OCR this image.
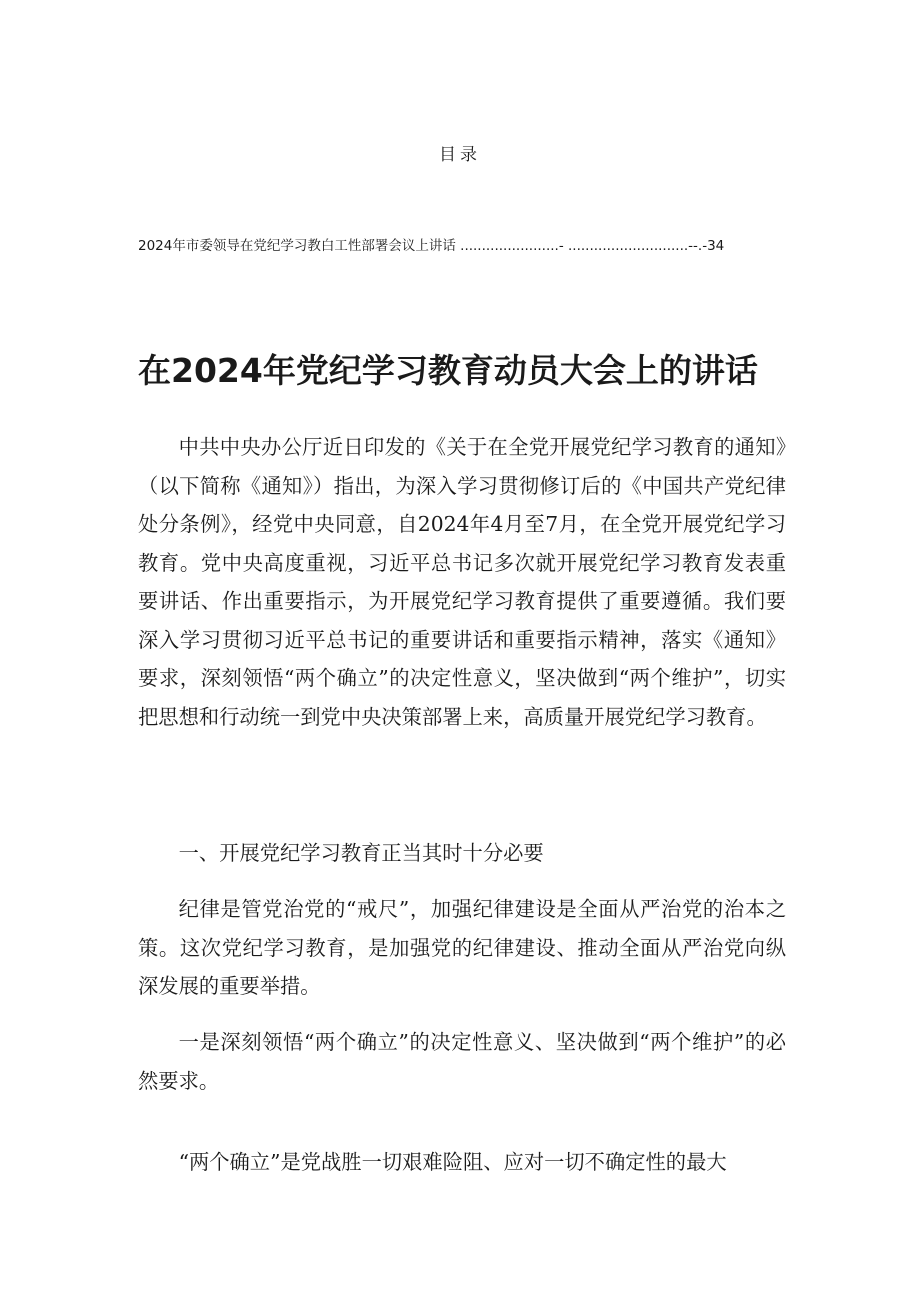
目录
2024年市委领导在党纪学习教白工性部署会议上讲话 .......................- ............................--.-34
在2024年党纪学习教育动员大会上的讲话

中共中央办公厅近日印发的《关于在全党开展党纪学习教育的通知》（以下简称《通知》）指出，为深入学习贯彻修订后的《中国共产党纪律处分条例》，经党中央同意，自2024年4月至7月，在全党开展党纪学习教育。党中央高度重视，习近平总书记多次就开展党纪学习教育发表重要讲话、作出重要指示，为开展党纪学习教育提供了重要遵循。我们要深入学习贯彻习近平总书记的重要讲话和重要指示精神，落实《通知》要求，深刻领悟“两个确立”的决定性意义，坚决做到“两个维护”，切实把思想和行动统一到党中央决策部署上来，高质量开展党纪学习教育。

一、开展党纪学习教育正当其时十分必要

纪律是管党治党的“戒尺”，加强纪律建设是全面从严治党的治本之策。这次党纪学习教育，是加强党的纪律建设、推动全面从严治党向纵深发展的重要举措。

一是深刻领悟“两个确立”的决定性意义、坚决做到“两个维护”的必然要求。

“两个确立”是党战胜一切艰难险阻、应对一切不确定性的最大
